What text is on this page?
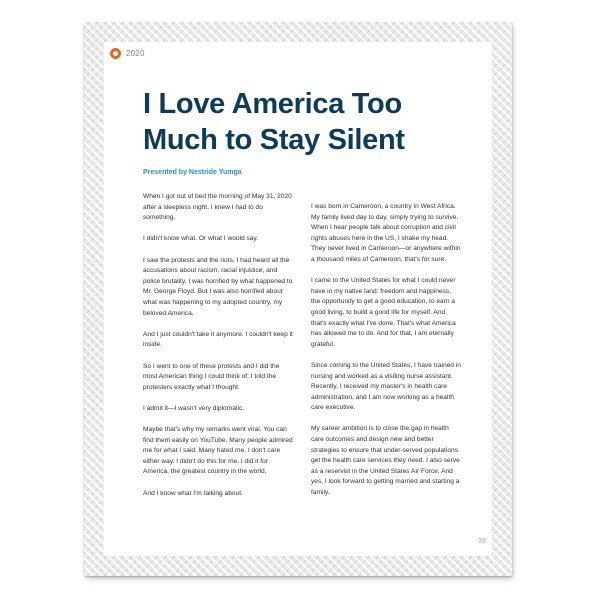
2020
I Love America Too Much to Stay Silent
Presented by Nestride Yumga

When I got out of bed the morning of May 31, 2020 after a sleepless night, I knew I had to do something.

I didn't know what. Or what I would say.

I saw the protests and the riots. I had heard all the accusations about racism, racial injustice, and police brutality. I was horrified by what happened to Mr. George Floyd. But I was also horrified about what was happening to my adopted country, my beloved America.

And I just couldn't take it anymore. I couldn't keep it inside.

So I went to one of these protests and I did the most American thing I could think of: I told the protesters exactly what I thought.

I admit it—I wasn't very diplomatic.

Maybe that's why my remarks went viral. You can find them easily on YouTube. Many people admired me for what I said. Many hated me. I don't care either way. I didn't do this for me. I did it for America, the greatest country in the world.

And I know what I'm talking about.

I was born in Cameroon, a country in West Africa. My family lived day to day, simply trying to survive. When I hear people talk about corruption and civil rights abuses here in the US, I shake my head. They never lived in Cameroon—or anywhere within a thousand miles of Cameroon, that's for sure.

I came to the United States for what I could never have in my native land: freedom and happiness, the opportunity to get a good education, to earn a good living, to build a good life for myself. And that's exactly what I've done. That's what America has allowed me to do. And for that, I am eternally grateful.

Since coming to the United States, I have trained in nursing and worked as a visiting nurse assistant. Recently, I received my master's in health care administration, and I am now working as a health care executive.

My career ambition is to close the gap in health care outcomes and design new and better strategies to ensure that under-served populations get the health care services they need. I also serve as a reservist in the United States Air Force. And yes, I look forward to getting married and starting a family.

39
